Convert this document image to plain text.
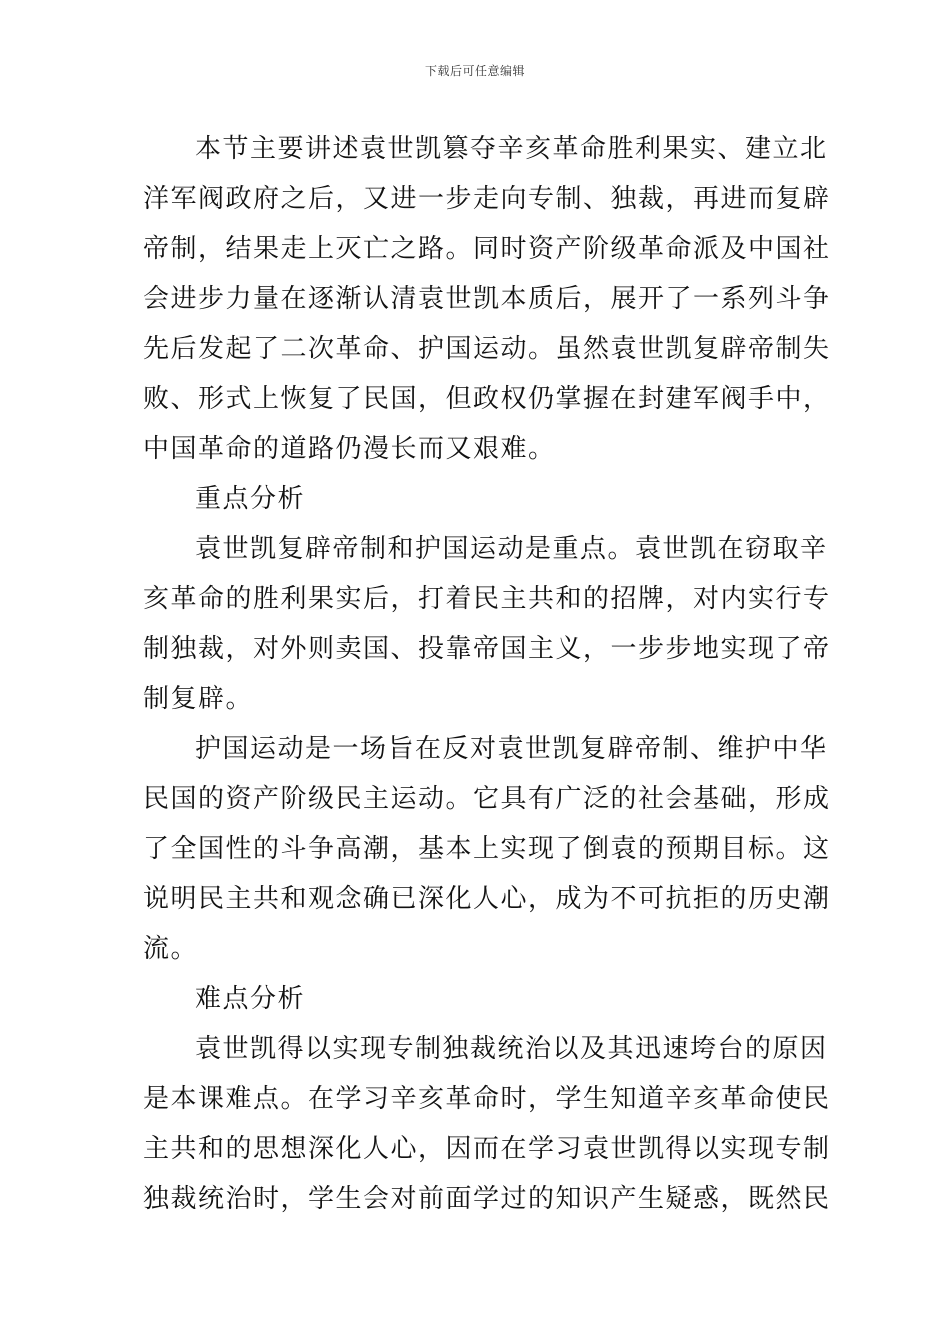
下载后可任意编辑
本节主要讲述袁世凯篡夺辛亥革命胜利果实、建立北
洋军阀政府之后，又进一步走向专制、独裁，再进而复辟
帝制，结果走上灭亡之路。同时资产阶级革命派及中国社
会进步力量在逐渐认清袁世凯本质后，展开了一系列斗争
先后发起了二次革命、护国运动。虽然袁世凯复辟帝制失
败、形式上恢复了民国，但政权仍掌握在封建军阀手中，
中国革命的道路仍漫长而又艰难。
重点分析
袁世凯复辟帝制和护国运动是重点。袁世凯在窃取辛
亥革命的胜利果实后，打着民主共和的招牌，对内实行专
制独裁，对外则卖国、投靠帝国主义，一步步地实现了帝
制复辟。
护国运动是一场旨在反对袁世凯复辟帝制、维护中华
民国的资产阶级民主运动。它具有广泛的社会基础，形成
了全国性的斗争高潮，基本上实现了倒袁的预期目标。这
说明民主共和观念确已深化人心，成为不可抗拒的历史潮
流。
难点分析
袁世凯得以实现专制独裁统治以及其迅速垮台的原因
是本课难点。在学习辛亥革命时，学生知道辛亥革命使民
主共和的思想深化人心，因而在学习袁世凯得以实现专制
独裁统治时，学生会对前面学过的知识产生疑惑，既然民
